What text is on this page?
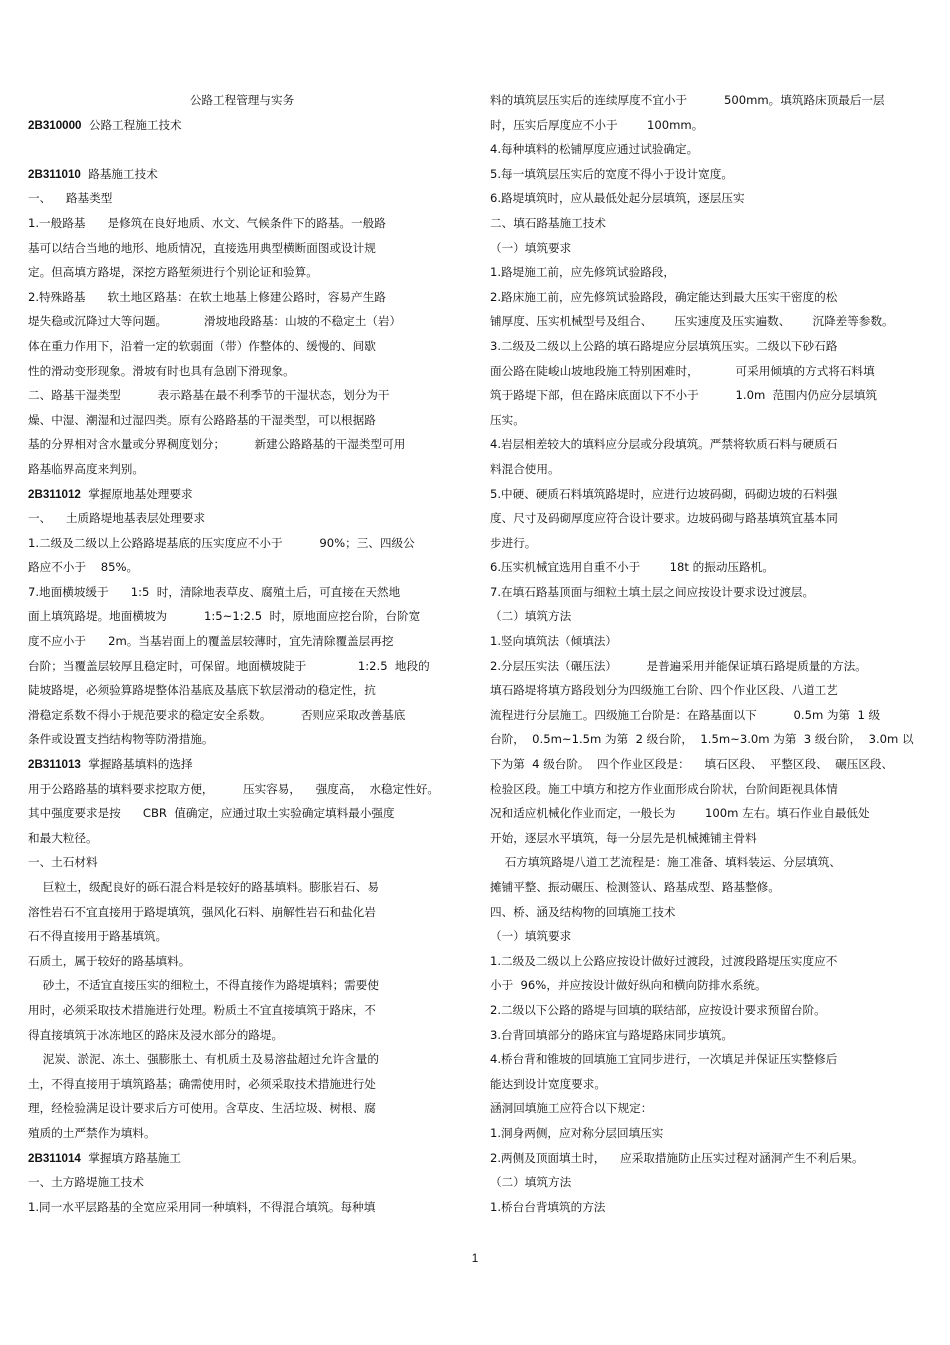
公路工程管理与实务
2B310000  公路工程施工技术
2B311010  路基施工技术
一、    路基类型
1.一般路基      是修筑在良好地质、水文、气候条件下的路基。一般路
基可以结合当地的地形、地质情况，直接选用典型横断面图或设计规
定。但高填方路堤，深挖方路堑须进行个别论证和验算。
2.特殊路基      软土地区路基：在软土地基上修建公路时，容易产生路
堤失稳或沉降过大等问题。          滑坡地段路基：山坡的不稳定土（岩）
体在重力作用下，沿着一定的软弱面（带）作整体的、缓慢的、间歇
性的滑动变形现象。滑坡有时也具有急剧下滑现象。
二、路基干湿类型          表示路基在最不利季节的干湿状态，划分为干
燥、中湿、潮湿和过湿四类。原有公路路基的干湿类型，可以根据路
基的分界相对含水量或分界稠度划分；        新建公路路基的干湿类型可用
路基临界高度来判别。
2B311012  掌握原地基处理要求
一、    土质路堤地基表层处理要求
1.二级及二级以上公路路堤基底的压实度应不小于          90%；三、四级公
路应不小于    85%。
7.地面横坡缓于      1:5  时，清除地表草皮、腐殖土后，可直接在天然地
面上填筑路堤。地面横坡为          1:5~1:2.5  时，原地面应挖台阶，台阶宽
度不应小于      2m。当基岩面上的覆盖层较薄时，宜先清除覆盖层再挖
台阶；当覆盖层较厚且稳定时，可保留。地面横坡陡于              1:2.5  地段的
陡坡路堤，必须验算路堤整体沿基底及基底下软层滑动的稳定性，抗
滑稳定系数不得小于规范要求的稳定安全系数。        否则应采取改善基底
条件或设置支挡结构物等防滑措施。
2B311013  掌握路基填料的选择
用于公路路基的填料要求挖取方便，        压实容易，    强度高，  水稳定性好。
其中强度要求是按      CBR  值确定，应通过取土实验确定填料最小强度
和最大粒径。
一、土石材料
巨粒土，级配良好的砾石混合料是较好的路基填料。膨胀岩石、易
溶性岩石不宜直接用于路堤填筑，强风化石料、崩解性岩石和盐化岩
石不得直接用于路基填筑。
石质土，属于较好的路基填料。
砂土，不适宜直接压实的细粒土，不得直接作为路堤填料；需要使
用时，必须采取技术措施进行处理。粉质土不宜直接填筑于路床，不
得直接填筑于冰冻地区的路床及浸水部分的路堤。
泥炭、淤泥、冻土、强膨胀土、有机质土及易溶盐超过允许含量的
土，不得直接用于填筑路基；确需使用时，必须采取技术措施进行处
理，经检验满足设计要求后方可使用。含草皮、生活垃圾、树根、腐
殖质的土严禁作为填料。
2B311014  掌握填方路基施工
一、土方路堤施工技术
1.同一水平层路基的全宽应采用同一种填料，不得混合填筑。每种填
料的填筑层压实后的连续厚度不宜小于          500mm。填筑路床顶最后一层
时，压实后厚度应不小于        100mm。
4.每种填料的松铺厚度应通过试验确定。
5.每一填筑层压实后的宽度不得小于设计宽度。
6.路堤填筑时，应从最低处起分层填筑，逐层压实
二、填石路基施工技术
（一）填筑要求
1.路堤施工前，应先修筑试验路段，
2.路床施工前，应先修筑试验路段，确定能达到最大压实干密度的松
铺厚度、压实机械型号及组合、      压实速度及压实遍数、      沉降差等参数。
3.二级及二级以上公路的填石路堤应分层填筑压实。二级以下砂石路
面公路在陡峻山坡地段施工特别困难时，          可采用倾填的方式将石料填
筑于路堤下部，但在路床底面以下不小于          1.0m  范围内仍应分层填筑
压实。
4.岩层相差较大的填料应分层或分段填筑。严禁将软质石料与硬质石
料混合使用。
5.中硬、硬质石料填筑路堤时，应进行边坡码砌，码砌边坡的石料强
度、尺寸及码砌厚度应符合设计要求。边坡码砌与路基填筑宜基本同
步进行。
6.压实机械宜选用自重不小于        18t 的振动压路机。
7.在填石路基顶面与细粒土填土层之间应按设计要求设过渡层。
（二）填筑方法
1.竖向填筑法（倾填法）
2.分层压实法（碾压法）        是普遍采用并能保证填石路堤质量的方法。
填石路堤将填方路段划分为四级施工台阶、四个作业区段、八道工艺
流程进行分层施工。四级施工台阶是：在路基面以下          0.5m 为第  1 级
台阶，  0.5m~1.5m 为第  2 级台阶，  1.5m~3.0m 为第  3 级台阶，  3.0m 以
下为第  4 级台阶。  四个作业区段是：    填石区段、  平整区段、  碾压区段、
检验区段。施工中填方和挖方作业面形成台阶状，台阶间距视具体情
况和适应机械化作业而定，一般长为        100m 左右。填石作业自最低处
开始，逐层水平填筑，每一分层先是机械摊铺主骨料
石方填筑路堤八道工艺流程是：施工准备、填料装运、分层填筑、
摊铺平整、振动碾压、检测签认、路基成型、路基整修。
四、桥、涵及结构物的回填施工技术
（一）填筑要求
1.二级及二级以上公路应按设计做好过渡段，过渡段路堤压实度应不
小于  96%，并应按设计做好纵向和横向防排水系统。
2.二级以下公路的路堤与回填的联结部，应按设计要求预留台阶。
3.台背回填部分的路床宜与路堤路床同步填筑。
4.桥台背和锥坡的回填施工宜同步进行，一次填足并保证压实整修后
能达到设计宽度要求。
涵洞回填施工应符合以下规定：
1.洞身两侧，应对称分层回填压实
2.两侧及顶面填土时，    应采取措施防止压实过程对涵洞产生不利后果。
（二）填筑方法
1.桥台台背填筑的方法
1
